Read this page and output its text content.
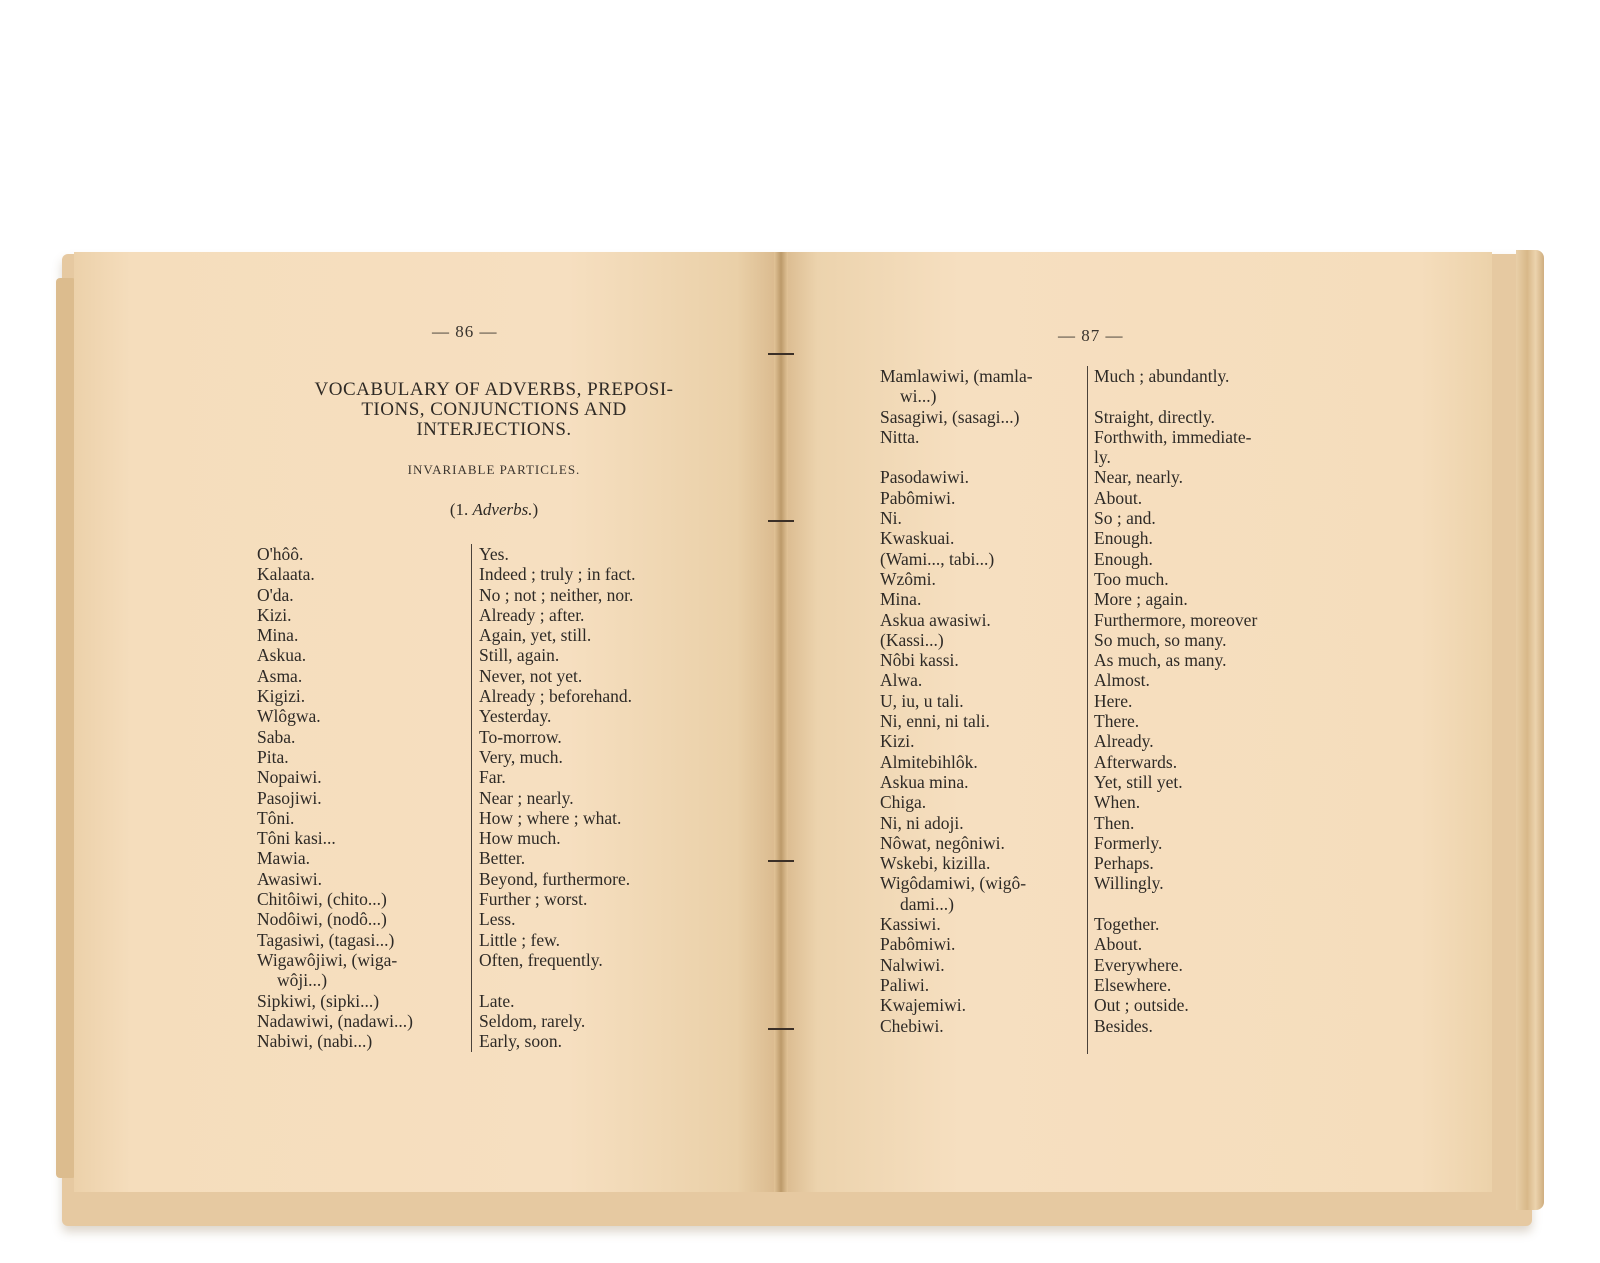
— 86 —
VOCABULARY OF ADVERBS, PREPOSI-
TIONS, CONJUNCTIONS AND
INTERJECTIONS.
INVARIABLE PARTICLES.
(1. Adverbs.)
O'hôô.
Kalaata.
O'da.
Kizi.
Mina.
Askua.
Asma.
Kigizi.
Wlôgwa.
Saba.
Pita.
Nopaiwi.
Pasojiwi.
Tôni.
Tôni kasi...
Mawia.
Awasiwi.
Chitôiwi, (chito...)
Nodôiwi, (nodô...)
Tagasiwi, (tagasi...)
Wigawôjiwi, (wiga-
wôji...)
Sipkiwi, (sipki...)
Nadawiwi, (nadawi...)
Nabiwi, (nabi...)
Yes.
Indeed ; truly ; in fact.
No ; not ; neither, nor.
Already ; after.
Again, yet, still.
Still, again.
Never, not yet.
Already ; beforehand.
Yesterday.
To-morrow.
Very, much.
Far.
Near ; nearly.
How ; where ; what.
How much.
Better.
Beyond, furthermore.
Further ; worst.
Less.
Little ; few.
Often, frequently.
Late.
Seldom, rarely.
Early, soon.
— 87 —
Mamlawiwi, (mamla-
wi...)
Sasagiwi, (sasagi...)
Nitta.
Pasodawiwi.
Pabômiwi.
Ni.
Kwaskuai.
(Wami..., tabi...)
Wzômi.
Mina.
Askua awasiwi.
(Kassi...)
Nôbi kassi.
Alwa.
U, iu, u tali.
Ni, enni, ni tali.
Kizi.
Almitebihlôk.
Askua mina.
Chiga.
Ni, ni adoji.
Nôwat, negôniwi.
Wskebi, kizilla.
Wigôdamiwi, (wigô-
dami...)
Kassiwi.
Pabômiwi.
Nalwiwi.
Paliwi.
Kwajemiwi.
Chebiwi.
Much ; abundantly.
Straight, directly.
Forthwith, immediate-
ly.
Near, nearly.
About.
So ; and.
Enough.
Enough.
Too much.
More ; again.
Furthermore, moreover
So much, so many.
As much, as many.
Almost.
Here.
There.
Already.
Afterwards.
Yet, still yet.
When.
Then.
Formerly.
Perhaps.
Willingly.
Together.
About.
Everywhere.
Elsewhere.
Out ; outside.
Besides.
